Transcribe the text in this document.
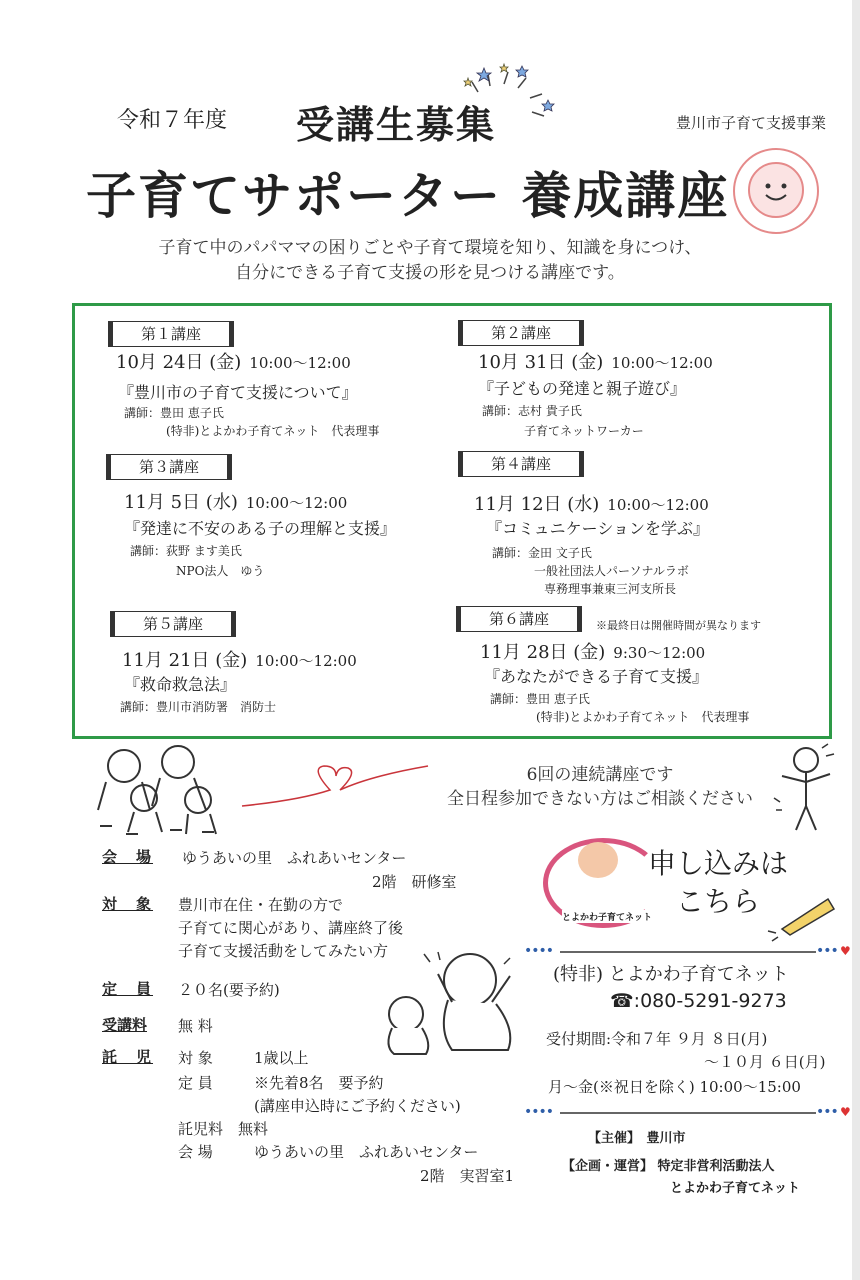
令和７年度 受講生募集	豊川市子育て支援事業
子育てサポーター 養成講座
子育て中のパパママの困りごとや子育て環境を知り、知識を身につけ、
自分にできる子育て支援の形を見つける講座です。
第１講座
10月 24日 (金) 10:00～12:00
『豊川市の子育て支援について』
講師：豊田 恵子氏
(特非)とよかわ子育てネット　代表理事
第２講座
10月 31日 (金) 10:00～12:00
『子どもの発達と親子遊び』
講師：志村 貴子氏
子育てネットワーカー
第３講座
11月 5日 (水) 10:00～12:00
『発達に不安のある子の理解と支援』
講師：荻野 ます美氏
NPO法人　ゆう
第４講座
11月 12日 (水) 10:00～12:00
『コミュニケーションを学ぶ』
講師：金田 文子氏
一般社団法人パーソナルラボ
専務理事兼東三河支所長
第５講座
11月 21日 (金) 10:00～12:00
『救命救急法』
講師：豊川市消防署　消防士
第６講座	※最終日は開催時間が異なります
11月 28日 (金) 9:30～12:00
『あなたができる子育て支援』
講師：豊田 恵子氏
(特非)とよかわ子育てネット　代表理事
6回の連続講座です
全日程参加できない方はご相談ください
会　場 ゆうあいの里　ふれあいセンター
2階　研修室
対　象 豊川市在住・在勤の方で
子育てに関心があり、講座終了後
子育て支援活動をしてみたい方
定　員 ２０名(要予約)
受講料 無 料
託　児 対 象	1歳以上
定 員	※先着8名　要予約
(講座申込時にご予約ください)
託児料　無料
会 場	ゆうあいの里　ふれあいセンター
2階　実習室1
とよかわ子育てネット
申し込みは
こちら
••••	••• ♥
(特非) とよかわ子育てネット
☎:080-5291-9273
受付期間:令和７年 ９月 ８日(月)
～１０月 ６日(月)
月～金(※祝日を除く) 10:00～15:00
••••	••• ♥
【主催】　豊川市
【企画・運営】 特定非営利活動法人
とよかわ子育てネット
